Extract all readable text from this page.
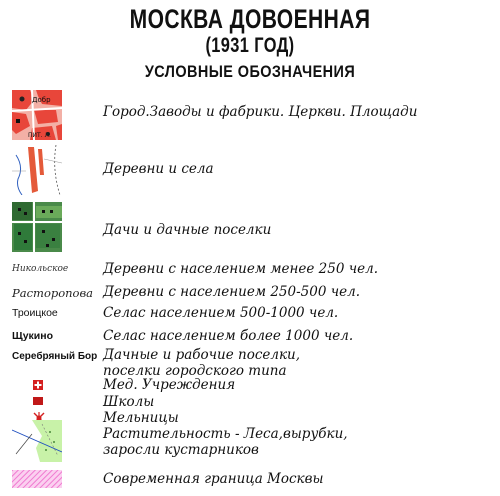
МОСКВА ДОВОЕННАЯ
(1931 ГОД)
УСЛОВНЫЕ ОБОЗНАЧЕНИЯ
Добр
ПИТ. Л.
Город.Заводы и фабрики. Церкви. Площади
Деревни и села
Дачи и дачные поселки
Никольское	Деревни с населением менее 250 чел.
Расторопова Деревни с населением 250-500 чел.
Троицкое	Селас населением 500-1000 чел.
Щукино	Селас населением более 1000 чел.
Серебряный Бор Дачные и рабочие поселки,
поселки городского типа
Мед. Учреждения
Школы
Мельницы
Растительность - Леса,вырубки,
заросли кустарников
Современная граница Москвы
